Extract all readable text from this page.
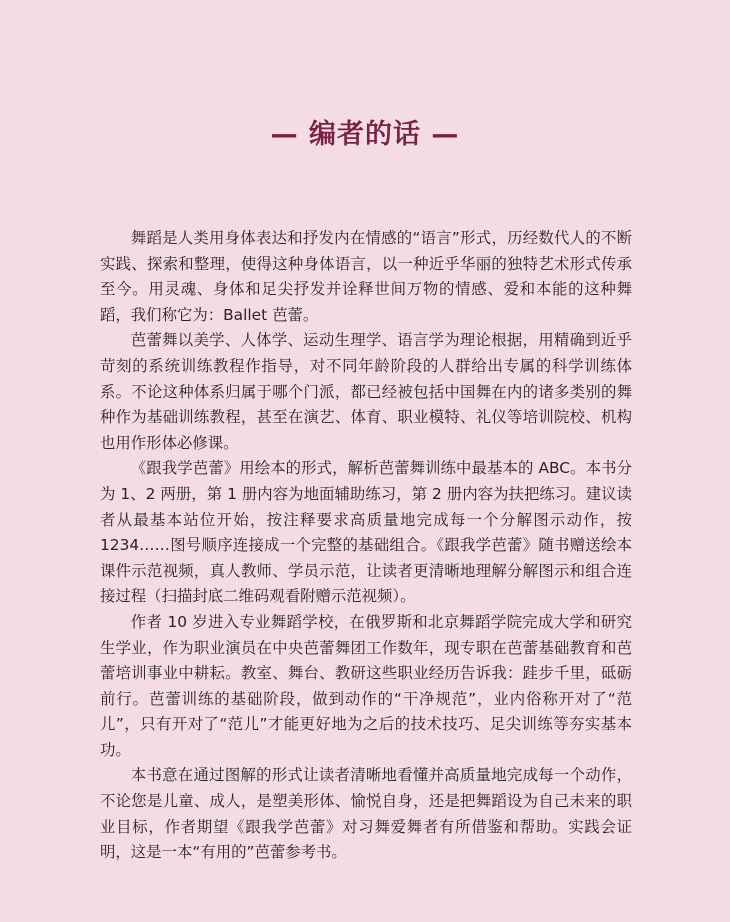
— 编者的话 —

舞蹈是人类用身体表达和抒发内在情感的“语言”形式，历经数代人的不断实践、探索和整理，使得这种身体语言，以一种近乎华丽的独特艺术形式传承至今。用灵魂、身体和足尖抒发并诠释世间万物的情感、爱和本能的这种舞蹈，我们称它为：Ballet 芭蕾。

芭蕾舞以美学、人体学、运动生理学、语言学为理论根据，用精确到近乎苛刻的系统训练教程作指导，对不同年龄阶段的人群给出专属的科学训练体系。不论这种体系归属于哪个门派，都已经被包括中国舞在内的诸多类别的舞种作为基础训练教程，甚至在演艺、体育、职业模特、礼仪等培训院校、机构也用作形体必修课。

《跟我学芭蕾》用绘本的形式，解析芭蕾舞训练中最基本的 ABC。本书分为 1、2 两册，第 1 册内容为地面辅助练习，第 2 册内容为扶把练习。建议读者从最基本站位开始，按注释要求高质量地完成每一个分解图示动作，按 1234……图号顺序连接成一个完整的基础组合。《跟我学芭蕾》随书赠送绘本课件示范视频，真人教师、学员示范，让读者更清晰地理解分解图示和组合连接过程（扫描封底二维码观看附赠示范视频）。

作者 10 岁进入专业舞蹈学校，在俄罗斯和北京舞蹈学院完成大学和研究生学业，作为职业演员在中央芭蕾舞团工作数年，现专职在芭蕾基础教育和芭蕾培训事业中耕耘。教室、舞台、教研这些职业经历告诉我：跬步千里，砥砺前行。芭蕾训练的基础阶段，做到动作的“干净规范”，业内俗称开对了“范儿”，只有开对了“范儿”才能更好地为之后的技术技巧、足尖训练等夯实基本功。

本书意在通过图解的形式让读者清晰地看懂并高质量地完成每一个动作，不论您是儿童、成人，是塑美形体、愉悦自身，还是把舞蹈设为自己未来的职业目标，作者期望《跟我学芭蕾》对习舞爱舞者有所借鉴和帮助。实践会证明，这是一本“有用的”芭蕾参考书。
